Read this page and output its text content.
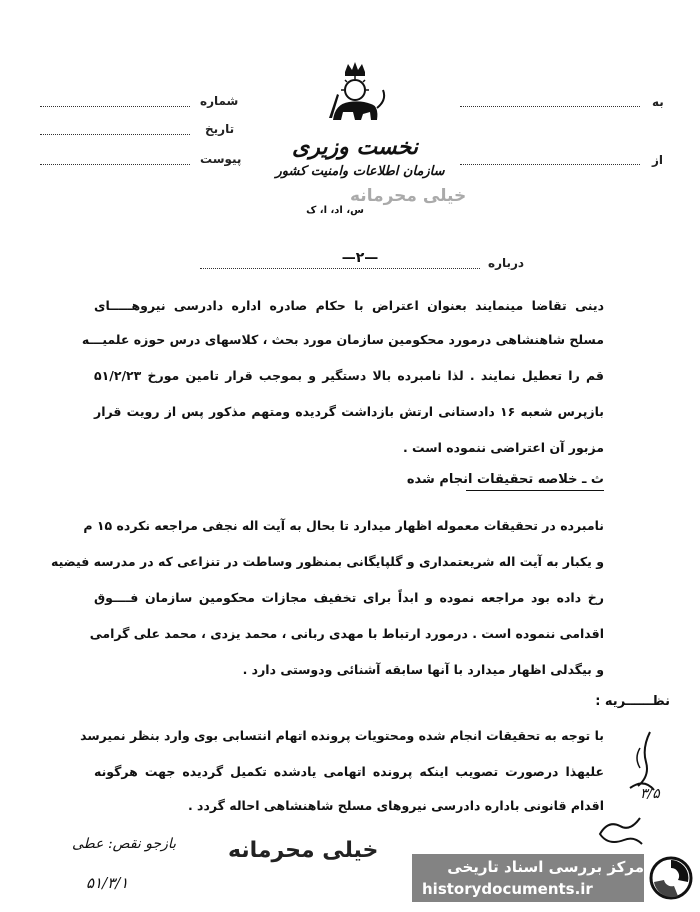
شماره
تاریخ
پیوست
به
از
نخست وزیری
سازمان اطلاعات وامنیت کشور
س، اد، ا، ک
خیلی محرمانه
—۲—	درباره
دینی تقاضا مینمایند بعنوان اعتراض با حکام صادره اداره دادرسی نیروهـــــای
مسلح شاهنشاهی درمورد محکومین سازمان مورد بحث ، کلاسهای درس حوزه علمیـــه
قم را تعطیل نمایند . لذا نامبرده بالا دستگیر و بموجب قرار تامین مورخ ۵۱/۲/۲۳
بازپرس شعبه ۱۶ دادستانی ارتش بازداشت گردیده ومتهم مذکور پس از رویت قرار
مزبور آن اعتراضی ننموده است .
ث ـ خلاصه تحقیقات انجام شده
نامبرده در تحقیقات معموله اظهار میدارد تا بحال به آیت اله نجفی مراجعه نکرده ۱۵ م
و یکبار به آیت اله شریعتمداری و گلپایگانی بمنظور وساطت در تنزاعی که در مدرسه فیضیه
رخ داده بود مراجعه نموده و ابداً برای تخفیف مجازات محکومین سازمان فــــوق
اقدامی ننموده است . درمورد ارتباط با مهدی ربانی ، محمد یزدی ، محمد علی گرامی
و بیگدلی اظهار میدارد با آنها سابقه آشنائی ودوستی دارد .
نظــــــریه :
با توجه به تحقیقات انجام شده ومحتویات پرونده اتهام انتسابی بوی وارد بنظر نمیرسد
علیهذا درصورت تصویب اینکه پرونده اتهامی یادشده تکمیل گردیده جهت هرگونه
اقدام قانونی باداره دادرسی نیروهای مسلح شاهنشاهی احاله گردد .
۳/۵
بازجو نقص: عطی
۵۱/۳/۱
خیلی محرمانه
مرکز بررسی اسناد تاریخی
historydocuments.ir
